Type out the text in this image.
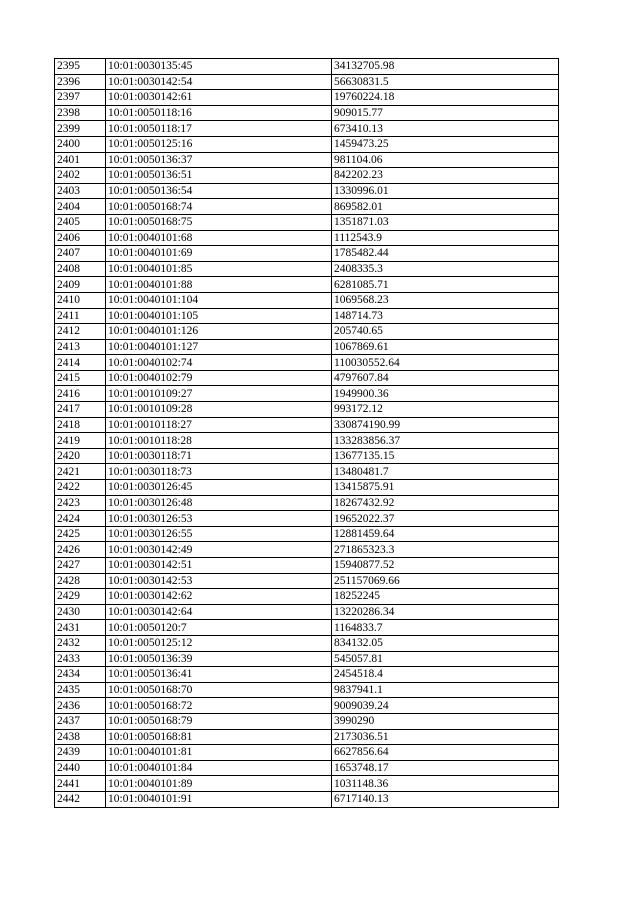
2395	10:01:0030135:45	34132705.98
2396	10:01:0030142:54	56630831.5
2397	10:01:0030142:61	19760224.18
2398	10:01:0050118:16	909015.77
2399	10:01:0050118:17	673410.13
2400	10:01:0050125:16	1459473.25
2401	10:01:0050136:37	981104.06
2402	10:01:0050136:51	842202.23
2403	10:01:0050136:54	1330996.01
2404	10:01:0050168:74	869582.01
2405	10:01:0050168:75	1351871.03
2406	10:01:0040101:68	1112543.9
2407	10:01:0040101:69	1785482.44
2408	10:01:0040101:85	2408335.3
2409	10:01:0040101:88	6281085.71
2410	10:01:0040101:104	1069568.23
2411	10:01:0040101:105	148714.73
2412	10:01:0040101:126	205740.65
2413	10:01:0040101:127	1067869.61
2414	10:01:0040102:74	110030552.64
2415	10:01:0040102:79	4797607.84
2416	10:01:0010109:27	1949900.36
2417	10:01:0010109:28	993172.12
2418	10:01:0010118:27	330874190.99
2419	10:01:0010118:28	133283856.37
2420	10:01:0030118:71	13677135.15
2421	10:01:0030118:73	13480481.7
2422	10:01:0030126:45	13415875.91
2423	10:01:0030126:48	18267432.92
2424	10:01:0030126:53	19652022.37
2425	10:01:0030126:55	12881459.64
2426	10:01:0030142:49	271865323.3
2427	10:01:0030142:51	15940877.52
2428	10:01:0030142:53	251157069.66
2429	10:01:0030142:62	18252245
2430	10:01:0030142:64	13220286.34
2431	10:01:0050120:7	1164833.7
2432	10:01:0050125:12	834132.05
2433	10:01:0050136:39	545057.81
2434	10:01:0050136:41	2454518.4
2435	10:01:0050168:70	9837941.1
2436	10:01:0050168:72	9009039.24
2437	10:01:0050168:79	3990290
2438	10:01:0050168:81	2173036.51
2439	10:01:0040101:81	6627856.64
2440	10:01:0040101:84	1653748.17
2441	10:01:0040101:89	1031148.36
2442	10:01:0040101:91	6717140.13
